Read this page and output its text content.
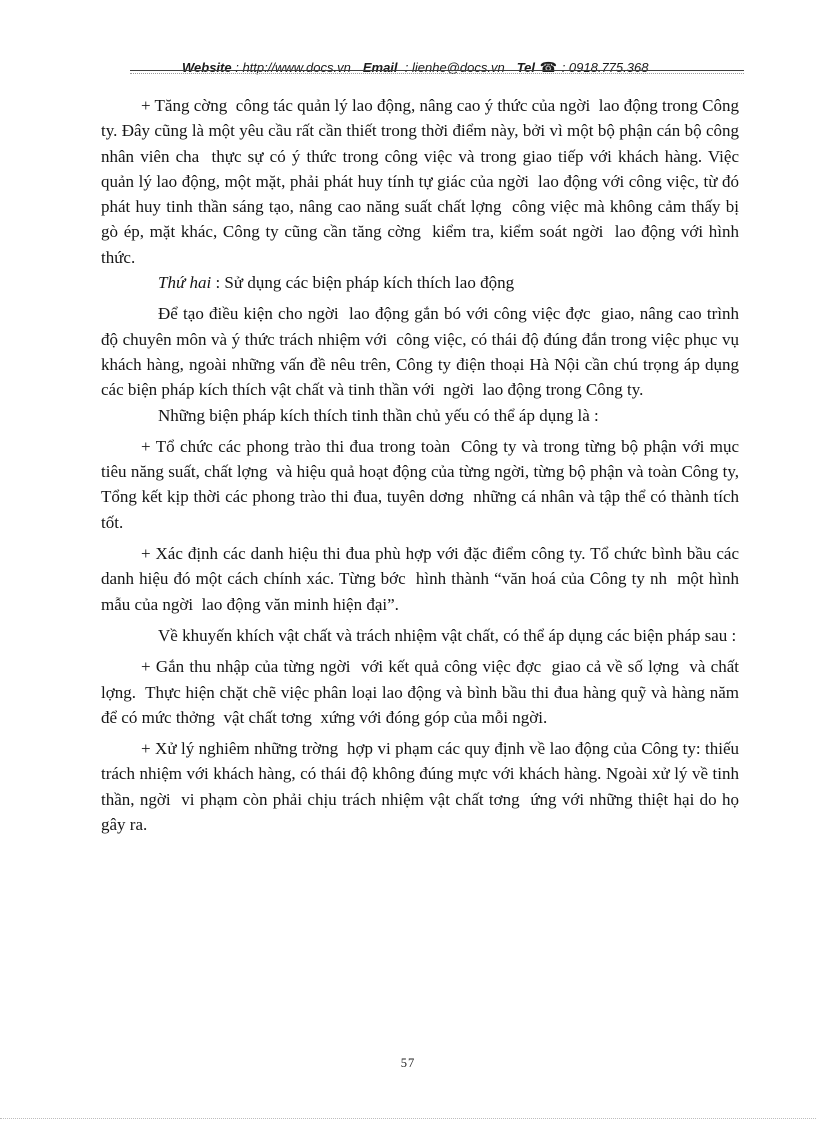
Website : http://www.docs.vn Email  : lienhe@docs.vn Tel ☎ : 0918.775.368

+ Tăng cờng  công tác quản lý lao động, nâng cao ý thức của ngời  lao động trong Công ty. Đây cũng là một yêu cầu rất cần thiết trong thời điểm này, bởi vì một bộ phận cán bộ công nhân viên cha  thực sự có ý thức trong công việc và trong giao tiếp với khách hàng. Việc quản lý lao động, một mặt, phải phát huy tính tự giác của ngời  lao động với công việc, từ đó phát huy tinh thần sáng tạo, nâng cao năng suất chất lợng  công việc mà không cảm thấy bị gò ép, mặt khác, Công ty cũng cần tăng cờng  kiểm tra, kiểm soát ngời  lao động với hình thức.

Thứ hai : Sử dụng các biện pháp kích thích lao động

Để tạo điều kiện cho ngời  lao động gắn bó với công việc đợc  giao, nâng cao trình độ chuyên môn và ý thức trách nhiệm với  công việc, có thái độ đúng đắn trong việc phục vụ khách hàng, ngoài những vấn đề nêu trên, Công ty điện thoại Hà Nội cần chú trọng áp dụng các biện pháp kích thích vật chất và tinh thần với  ngời  lao động trong Công ty.

Những biện pháp kích thích tinh thần chủ yếu có thể áp dụng là :

+ Tổ chức các phong trào thi đua trong toàn  Công ty và trong từng bộ phận với mục tiêu năng suất, chất lợng  và hiệu quả hoạt động của từng ngời, từng bộ phận và toàn Công ty, Tổng kết kịp thời các phong trào thi đua, tuyên dơng  những cá nhân và tập thể có thành tích tốt.

+ Xác định các danh hiệu thi đua phù hợp với đặc điểm công ty. Tổ chức bình bầu các danh hiệu đó một cách chính xác. Từng bớc  hình thành “văn hoá của Công ty nh  một hình mẫu của ngời  lao động văn minh hiện đại”.

Về khuyến khích vật chất và trách nhiệm vật chất, có thể áp dụng các biện pháp sau :

+ Gắn thu nhập của từng ngời  với kết quả công việc đợc  giao cả về số lợng  và chất lợng.  Thực hiện chặt chẽ việc phân loại lao động và bình bầu thi đua hàng quỹ và hàng năm để có mức thởng  vật chất tơng  xứng với đóng góp của mỗi ngời.

+ Xử lý nghiêm những trờng  hợp vi phạm các quy định về lao động của Công ty: thiếu trách nhiệm với khách hàng, có thái độ không đúng mực với khách hàng. Ngoài xử lý về tinh thần, ngời  vi phạm còn phải chịu trách nhiệm vật chất tơng  ứng với những thiệt hại do họ gây ra.

57
